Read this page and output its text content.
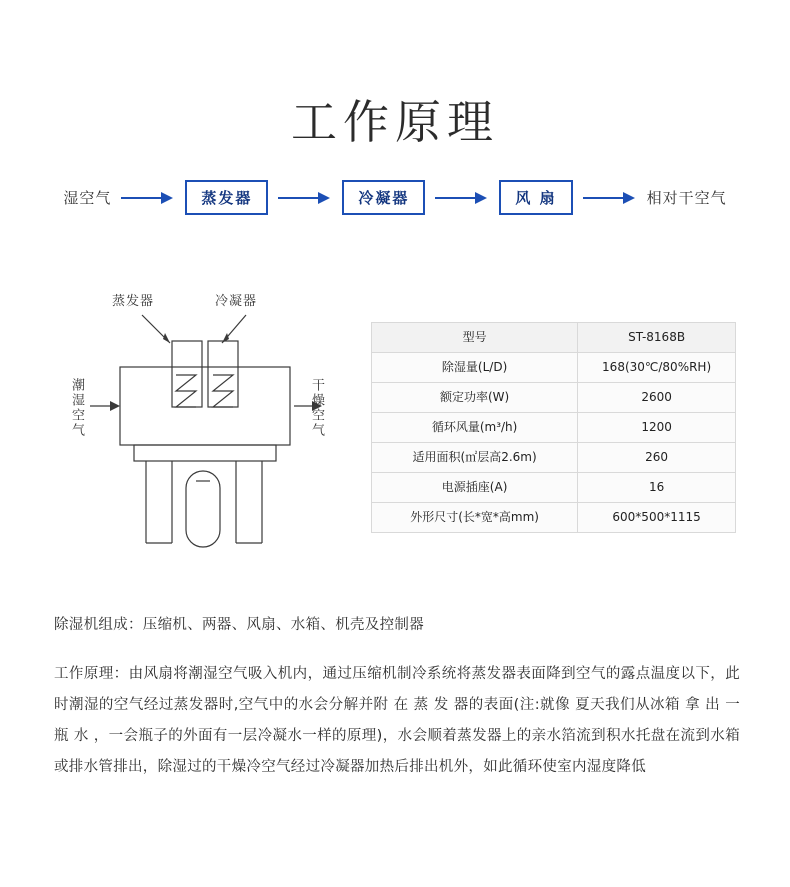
工作原理
湿空气	蒸发器	冷凝器	风 扇	相对干空气
蒸发器	冷凝器
潮湿空气	干燥空气
型号	ST-8168B
除湿量(L/D)	168(30℃/80%RH)
额定功率(W)	2600
循环风量(m³/h)	1200
适用面积(㎡层高2.6m)	260
电源插座(A)	16
外形尺寸(长*宽*高mm)	600*500*1115

除湿机组成：压缩机、两器、风扇、水箱、机壳及控制器

工作原理：由风扇将潮湿空气吸入机内，通过压缩机制冷系统将蒸发器表面降到空气的露点温度以下，此时潮湿的空气经过蒸发器时,空气中的水会分解并附 在 蒸 发 器的表面(注:就像 夏天我们从冰箱 拿 出 一 瓶 水 ，一会瓶子的外面有一层冷凝水一样的原理)，水会顺着蒸发器上的亲水箔流到积水托盘在流到水箱或排水管排出，除湿过的干燥冷空气经过冷凝器加热后排出机外，如此循环使室内湿度降低
